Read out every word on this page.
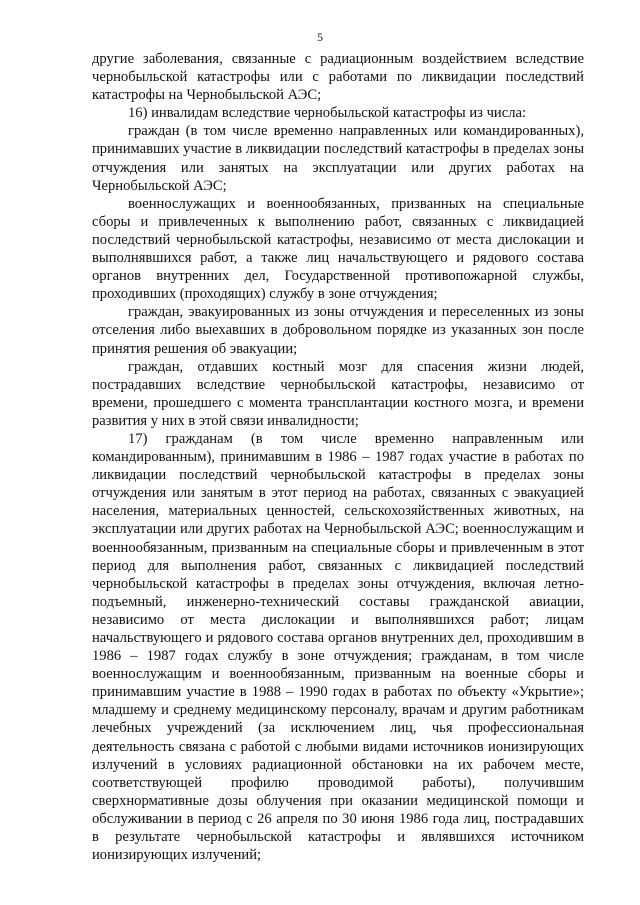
5

другие заболевания, связанные с радиационным воздействием вследствие чернобыльской катастрофы или с работами по ликвидации последствий катастрофы на Чернобыльской АЭС;

16) инвалидам вследствие чернобыльской катастрофы из числа:

граждан (в том числе временно направленных или командированных), принимавших участие в ликвидации последствий катастрофы в пределах зоны отчуждения или занятых на эксплуатации или других работах на Чернобыльской АЭС;

военнослужащих и военнообязанных, призванных на специальные сборы и привлеченных к выполнению работ, связанных с ликвидацией последствий чернобыльской катастрофы, независимо от места дислокации и выполнявшихся работ, а также лиц начальствующего и рядового состава органов внутренних дел, Государственной противопожарной службы, проходивших (проходящих) службу в зоне отчуждения;

граждан, эвакуированных из зоны отчуждения и переселенных из зоны отселения либо выехавших в добровольном порядке из указанных зон после принятия решения об эвакуации;

граждан, отдавших костный мозг для спасения жизни людей, пострадавших вследствие чернобыльской катастрофы, независимо от времени, прошедшего с момента трансплантации костного мозга, и времени развития у них в этой связи инвалидности;

17) гражданам (в том числе временно направленным или командированным), принимавшим в 1986 – 1987 годах участие в работах по ликвидации последствий чернобыльской катастрофы в пределах зоны отчуждения или занятым в этот период на работах, связанных с эвакуацией населения, материальных ценностей, сельскохозяйственных животных, на эксплуатации или других работах на Чернобыльской АЭС; военнослужащим и военнообязанным, призванным на специальные сборы и привлеченным в этот период для выполнения работ, связанных с ликвидацией последствий чернобыльской катастрофы в пределах зоны отчуждения, включая летно-подъемный, инженерно-технический составы гражданской авиации, независимо от места дислокации и выполнявшихся работ; лицам начальствующего и рядового состава органов внутренних дел, проходившим в 1986 – 1987 годах службу в зоне отчуждения; гражданам, в том числе военнослужащим и военнообязанным, призванным на военные сборы и принимавшим участие в 1988 – 1990 годах в работах по объекту «Укрытие»; младшему и среднему медицинскому персоналу, врачам и другим работникам лечебных учреждений (за исключением лиц, чья профессиональная деятельность связана с работой с любыми видами источников ионизирующих излучений в условиях радиационной обстановки на их рабочем месте, соответствующей профилю проводимой работы), получившим сверхнормативные дозы облучения при оказании медицинской помощи и обслуживании в период с 26 апреля по 30 июня 1986 года лиц, пострадавших в результате чернобыльской катастрофы и являвшихся источником ионизирующих излучений;
